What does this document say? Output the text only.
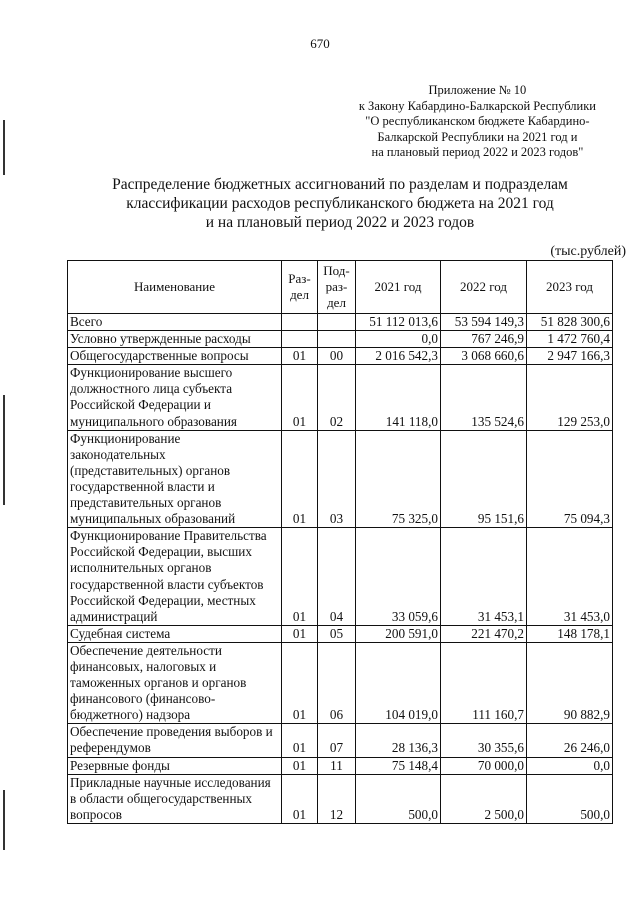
670
Приложение № 10
к Закону Кабардино-Балкарской Республики
"О республиканском бюджете Кабардино-
Балкарской Республики на 2021 год и
на плановый период 2022 и 2023 годов"
Распределение бюджетных ассигнований по разделам и подразделам
классификации расходов республиканского бюджета на 2021 год
и на плановый период 2022 и 2023 годов
(тыс.рублей)
Наименование	Раз-дел	Под-раз-дел	2021 год	2022 год	2023 год
Всего			51 112 013,6	53 594 149,3	51 828 300,6
Условно утвержденные расходы			0,0	767 246,9	1 472 760,4
Общегосударственные вопросы	01	00	2 016 542,3	3 068 660,6	2 947 166,3
Функционирование высшего должностного лица субъекта Российской Федерации и муниципального образования	01	02	141 118,0	135 524,6	129 253,0
Функционирование законодательных (представительных) органов государственной власти и представительных органов муниципальных образований	01	03	75 325,0	95 151,6	75 094,3
Функционирование Правительства Российской Федерации, высших исполнительных органов государственной власти субъектов Российской Федерации, местных администраций	01	04	33 059,6	31 453,1	31 453,0
Судебная система	01	05	200 591,0	221 470,2	148 178,1
Обеспечение деятельности финансовых, налоговых и таможенных органов и органов финансового (финансово-бюджетного) надзора	01	06	104 019,0	111 160,7	90 882,9
Обеспечение проведения выборов и референдумов	01	07	28 136,3	30 355,6	26 246,0
Резервные фонды	01	11	75 148,4	70 000,0	0,0
Прикладные научные исследования в области общегосударственных вопросов	01	12	500,0	2 500,0	500,0
